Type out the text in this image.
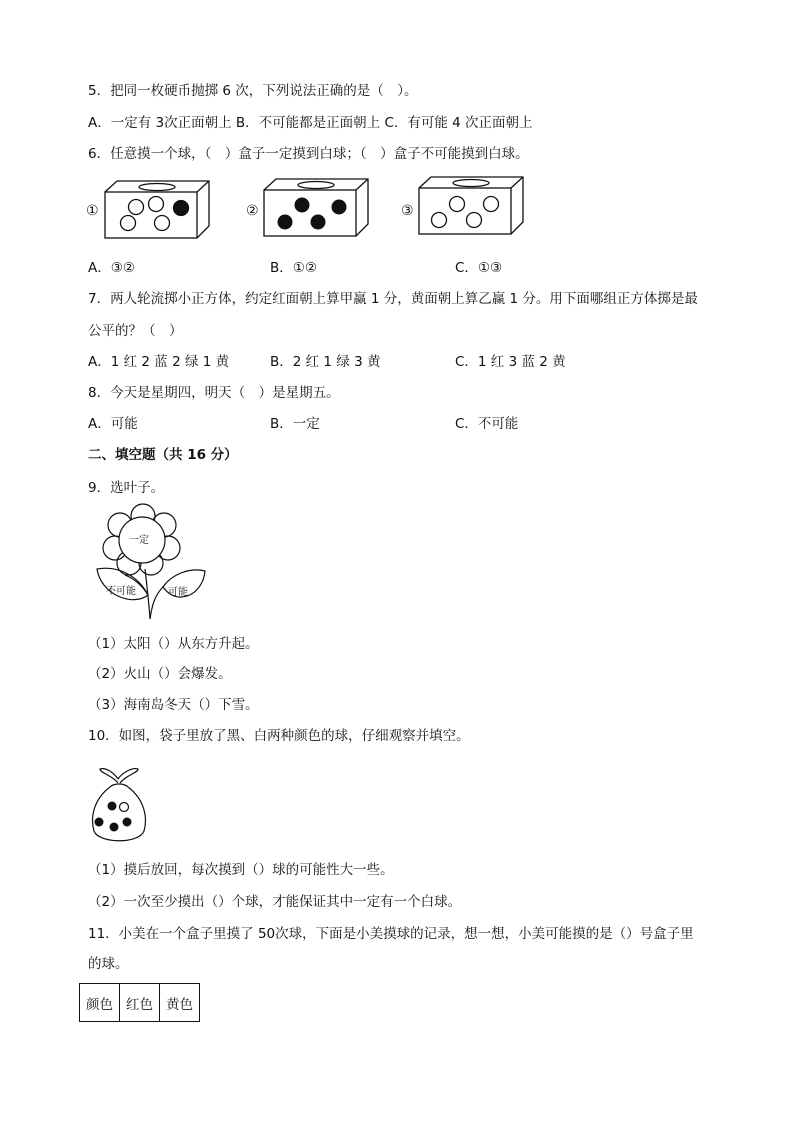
5．把同一枚硬币抛掷 6 次，下列说法正确的是（　）。
A．一定有 3次正面朝上 B．不可能都是正面朝上 C．有可能 4 次正面朝上
6．任意摸一个球，（　）盒子一定摸到白球；（　）盒子不可能摸到白球。
①	②	③
A．③②	B．①②	C．①③
7．两人轮流掷小正方体，约定红面朝上算甲赢 1 分，黄面朝上算乙赢 1 分。用下面哪组正方体掷是最
公平的？（　）
A．1 红 2 蓝 2 绿 1 黄	B．2 红 1 绿 3 黄	C．1 红 3 蓝 2 黄
8．今天是星期四，明天（　）是星期五。
A．可能	B．一定	C．不可能
二、填空题（共 16 分）
9．选叶子。
一定
不可能	可能
（1）太阳（）从东方升起。
（2）火山（）会爆发。
（3）海南岛冬天（）下雪。
10．如图，袋子里放了黑、白两种颜色的球，仔细观察并填空。
（1）摸后放回，每次摸到（）球的可能性大一些。
（2）一次至少摸出（）个球，才能保证其中一定有一个白球。
11．小美在一个盒子里摸了 50次球，下面是小美摸球的记录，想一想，小美可能摸的是（）号盒子里
的球。
颜色	红色	黄色
